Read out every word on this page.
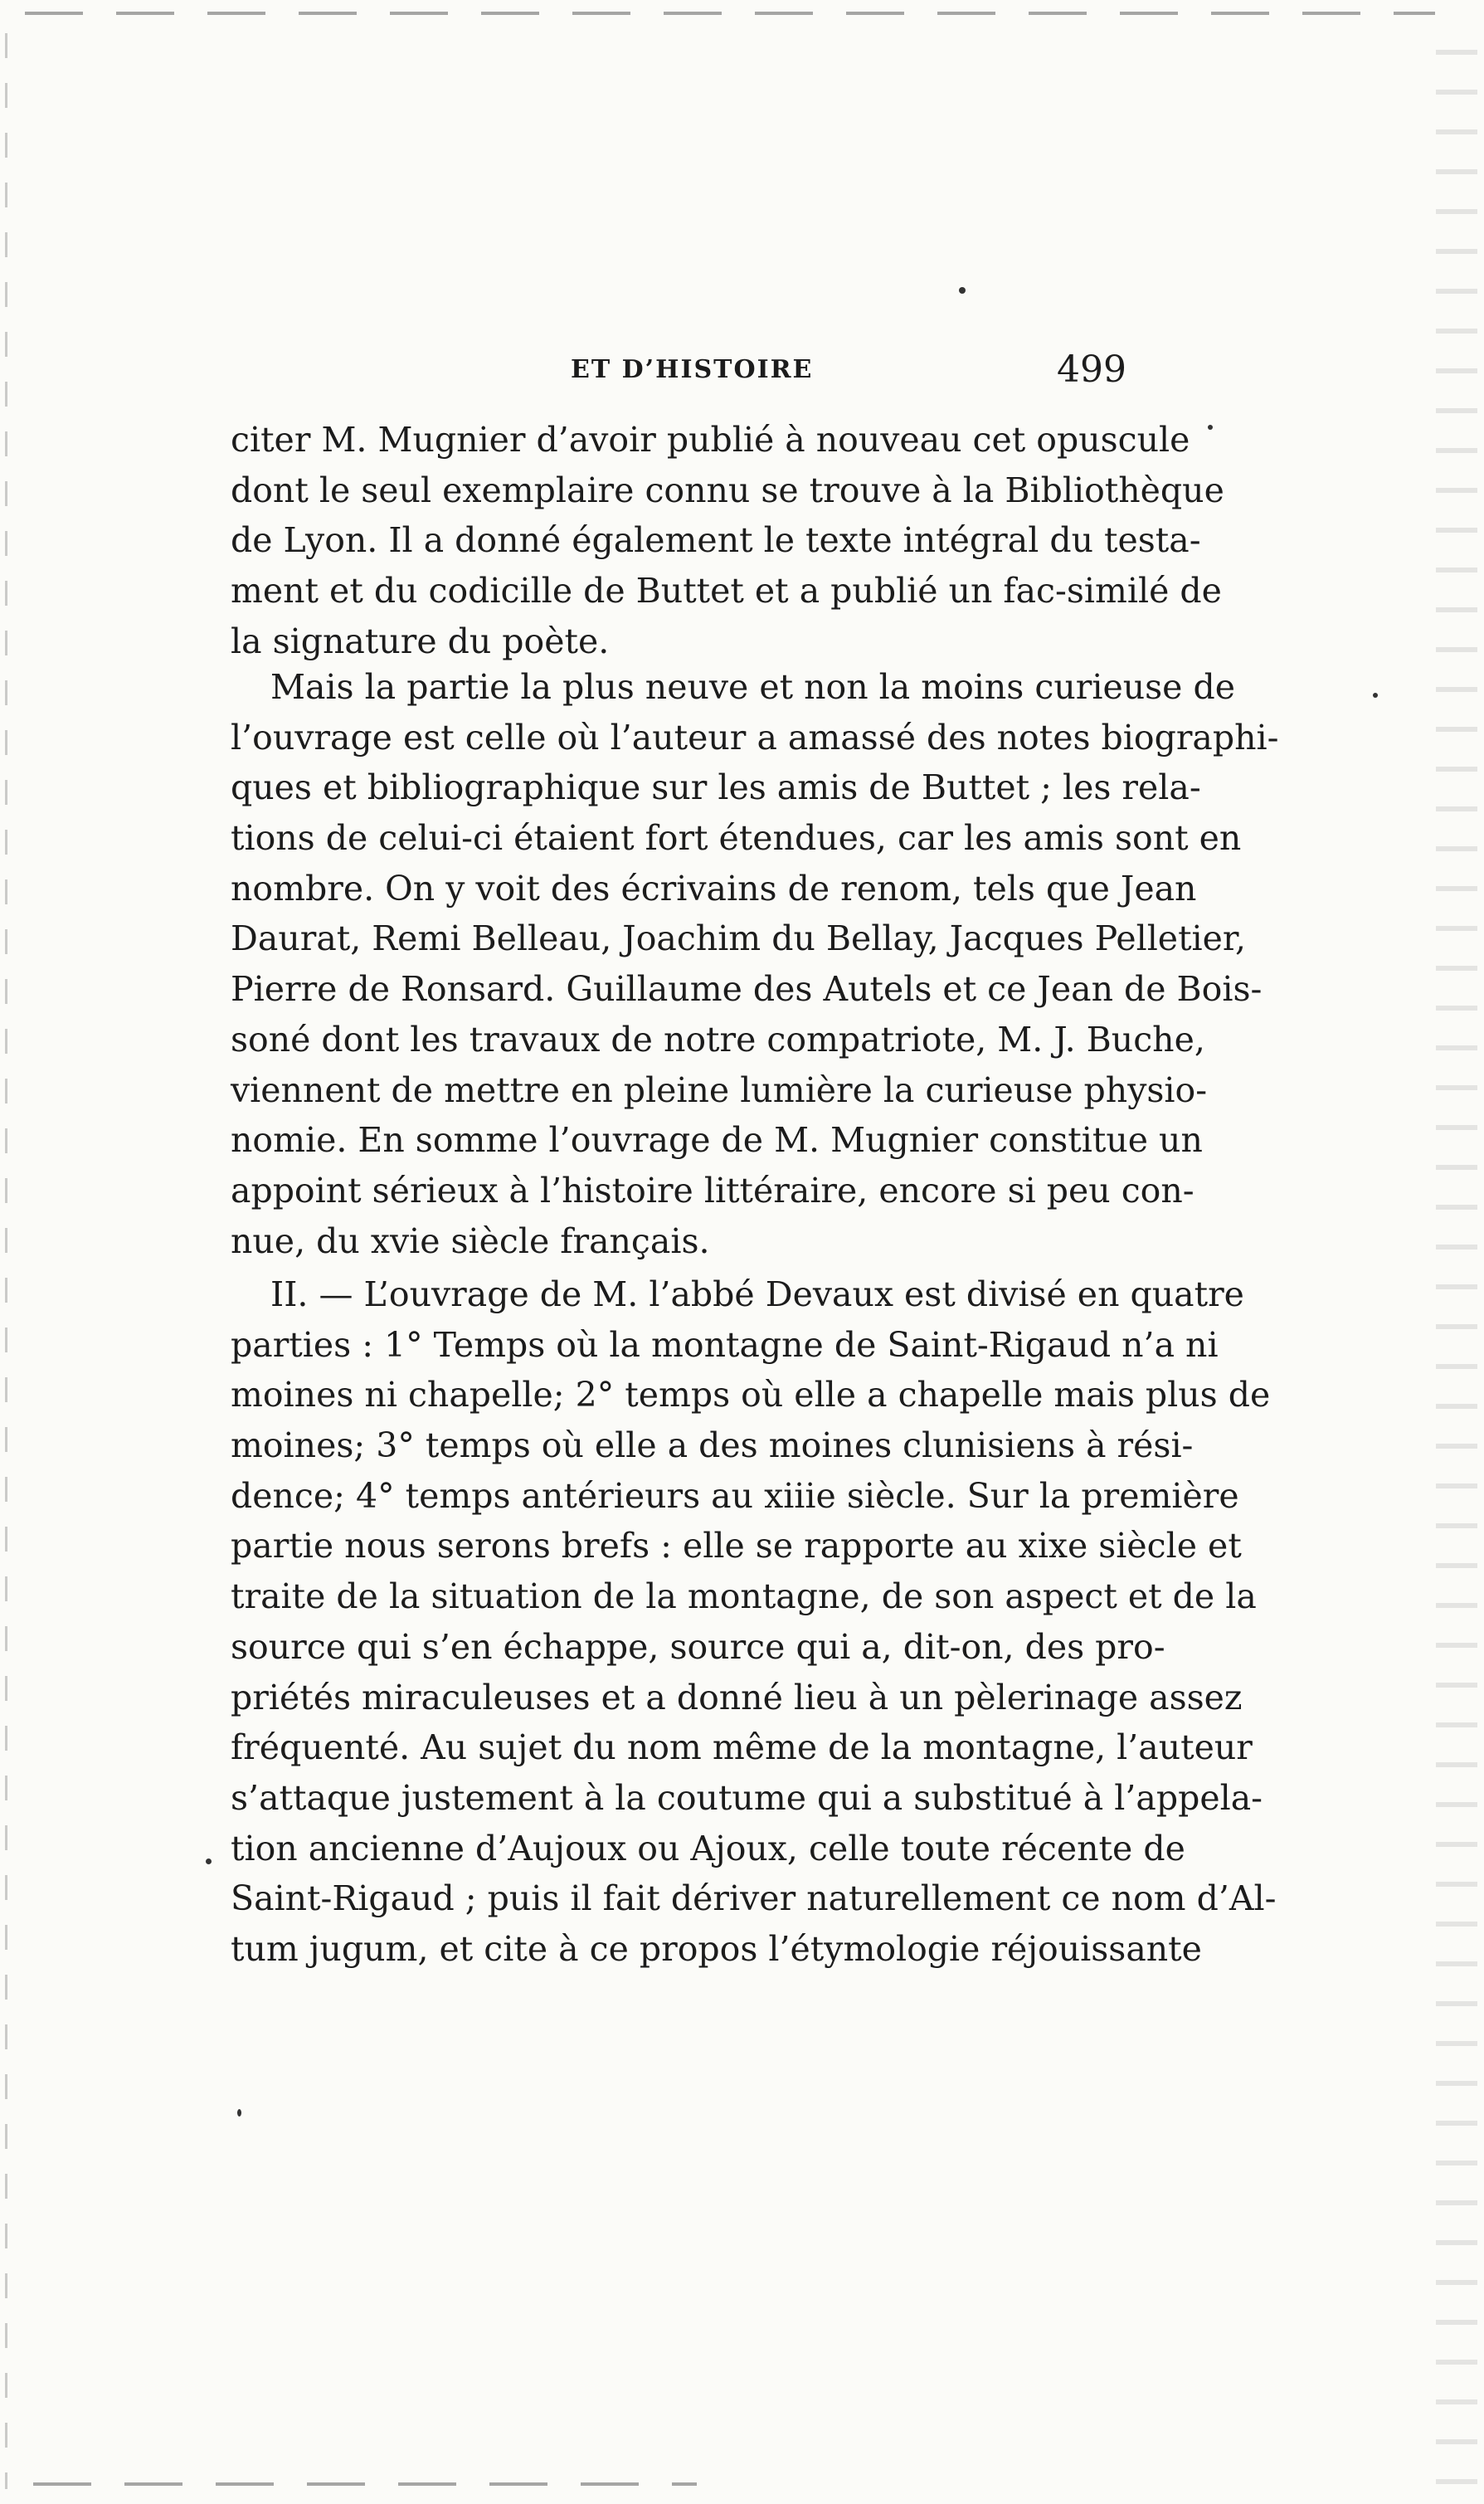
ET D’HISTOIRE	499
citer M. Mugnier d’avoir publié à nouveau cet opuscule
dont le seul exemplaire connu se trouve à la Bibliothèque
de Lyon. Il a donné également le texte intégral du testa-
ment et du codicille de Buttet et a publié un fac-similé de
la signature du poète.
Mais la partie la plus neuve et non la moins curieuse de
l’ouvrage est celle où l’auteur a amassé des notes biographi-
ques et bibliographique sur les amis de Buttet ; les rela-
tions de celui-ci étaient fort étendues, car les amis sont en
nombre. On y voit des écrivains de renom, tels que Jean
Daurat, Remi Belleau, Joachim du Bellay, Jacques Pelletier,
Pierre de Ronsard. Guillaume des Autels et ce Jean de Bois-
soné dont les travaux de notre compatriote, M. J. Buche,
viennent de mettre en pleine lumière la curieuse physio-
nomie. En somme l’ouvrage de M. Mugnier constitue un
appoint sérieux à l’histoire littéraire, encore si peu con-
nue, du xvie siècle français.
II. — L’ouvrage de M. l’abbé Devaux est divisé en quatre
parties : 1° Temps où la montagne de Saint-Rigaud n’a ni
moines ni chapelle; 2° temps où elle a chapelle mais plus de
moines; 3° temps où elle a des moines clunisiens à rési-
dence; 4° temps antérieurs au xiiie siècle. Sur la première
partie nous serons brefs : elle se rapporte au xixe siècle et
traite de la situation de la montagne, de son aspect et de la
source qui s’en échappe, source qui a, dit-on, des pro-
priétés miraculeuses et a donné lieu à un pèlerinage assez
fréquenté. Au sujet du nom même de la montagne, l’auteur
s’attaque justement à la coutume qui a substitué à l’appela-
tion ancienne d’Aujoux ou Ajoux, celle toute récente de
Saint-Rigaud ; puis il fait dériver naturellement ce nom d’Al-
tum jugum, et cite à ce propos l’étymologie réjouissante
